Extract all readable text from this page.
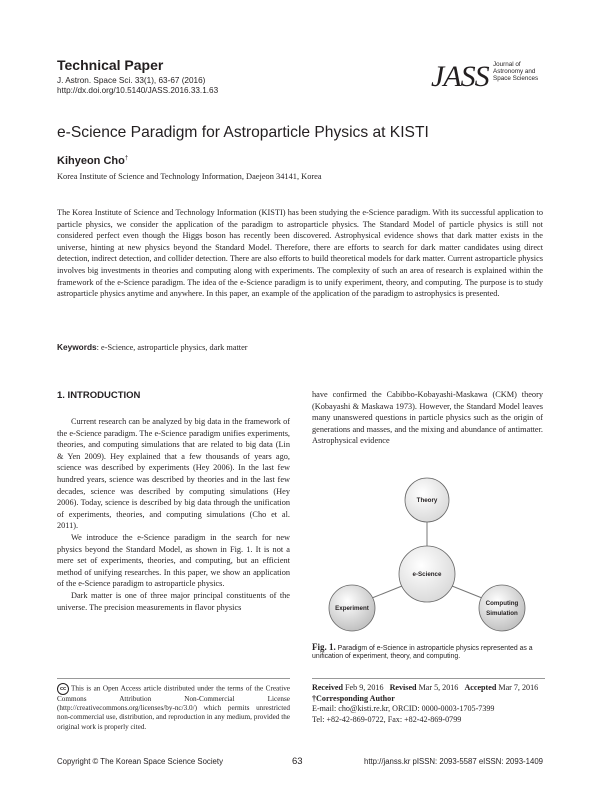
Technical Paper
J. Astron. Space Sci. 33(1), 63-67 (2016)
http://dx.doi.org/10.5140/JASS.2016.33.1.63	JASS Journal of
Astronomy and
Space Sciences
e-Science Paradigm for Astroparticle Physics at KISTI
Kihyeon Cho†
Korea Institute of Science and Technology Information, Daejeon 34141, Korea
The Korea Institute of Science and Technology Information (KISTI) has been studying the e-Science paradigm. With its successful application to particle physics, we consider the application of the paradigm to astroparticle physics. The Standard Model of particle physics is still not considered perfect even though the Higgs boson has recently been discovered. Astrophysical evidence shows that dark matter exists in the universe, hinting at new physics beyond the Standard Model. Therefore, there are efforts to search for dark matter candidates using direct detection, indirect detection, and collider detection. There are also efforts to build theoretical models for dark matter. Current astroparticle physics involves big investments in theories and computing along with experiments. The complexity of such an area of research is explained within the framework of the e-Science paradigm. The idea of the e-Science paradigm is to unify experiment, theory, and computing. The purpose is to study astroparticle physics anytime and anywhere. In this paper, an example of the application of the paradigm to astrophysics is presented.
Keywords: e-Science, astroparticle physics, dark matter
1. INTRODUCTION

Current research can be analyzed by big data in the framework of the e-Science paradigm. The e-Science paradigm unifies experiments, theories, and computing simulations that are related to big data (Lin & Yen 2009). Hey explained that a few thousands of years ago, science was described by experiments (Hey 2006). In the last few hundred years, science was described by theories and in the last few decades, science was described by computing simulations (Hey 2006). Today, science is described by big data through the unification of experiments, theories, and computing simulations (Cho et al. 2011).

We introduce the e-Science paradigm in the search for new physics beyond the Standard Model, as shown in Fig. 1. It is not a mere set of experiments, theories, and computing, but an efficient method of unifying researches. In this paper, we show an application of the e-Science paradigm to astroparticle physics.

Dark matter is one of three major principal constituents of the universe. The precision measurements in flavor physics

have confirmed the Cabibbo-Kobayashi-Maskawa (CKM) theory (Kobayashi & Maskawa 1973). However, the Standard Model leaves many unanswered questions in particle physics such as the origin of generations and masses, and the mixing and abundance of antimatter. Astrophysical evidence

Theory
e-Science
Experiment
Computing
Simulation
Fig. 1. Paradigm of e-Science in astroparticle physics represented as a unification of experiment, theory, and computing.
cc This is an Open Access article distributed under the terms of the Creative Commons Attribution Non-Commercial License (http://creativecommons.org/licenses/by-nc/3.0/) which permits unrestricted non-commercial use, distribution, and reproduction in any medium, provided the original work is properly cited.
Received Feb 9, 2016 Revised Mar 5, 2016 Accepted Mar 7, 2016
†Corresponding Author
E-mail: cho@kisti.re.kr, ORCID: 0000-0003-1705-7399
Tel: +82-42-869-0722, Fax: +82-42-869-0799
Copyright © The Korean Space Science Society	63	http://janss.kr pISSN: 2093-5587 eISSN: 2093-1409
